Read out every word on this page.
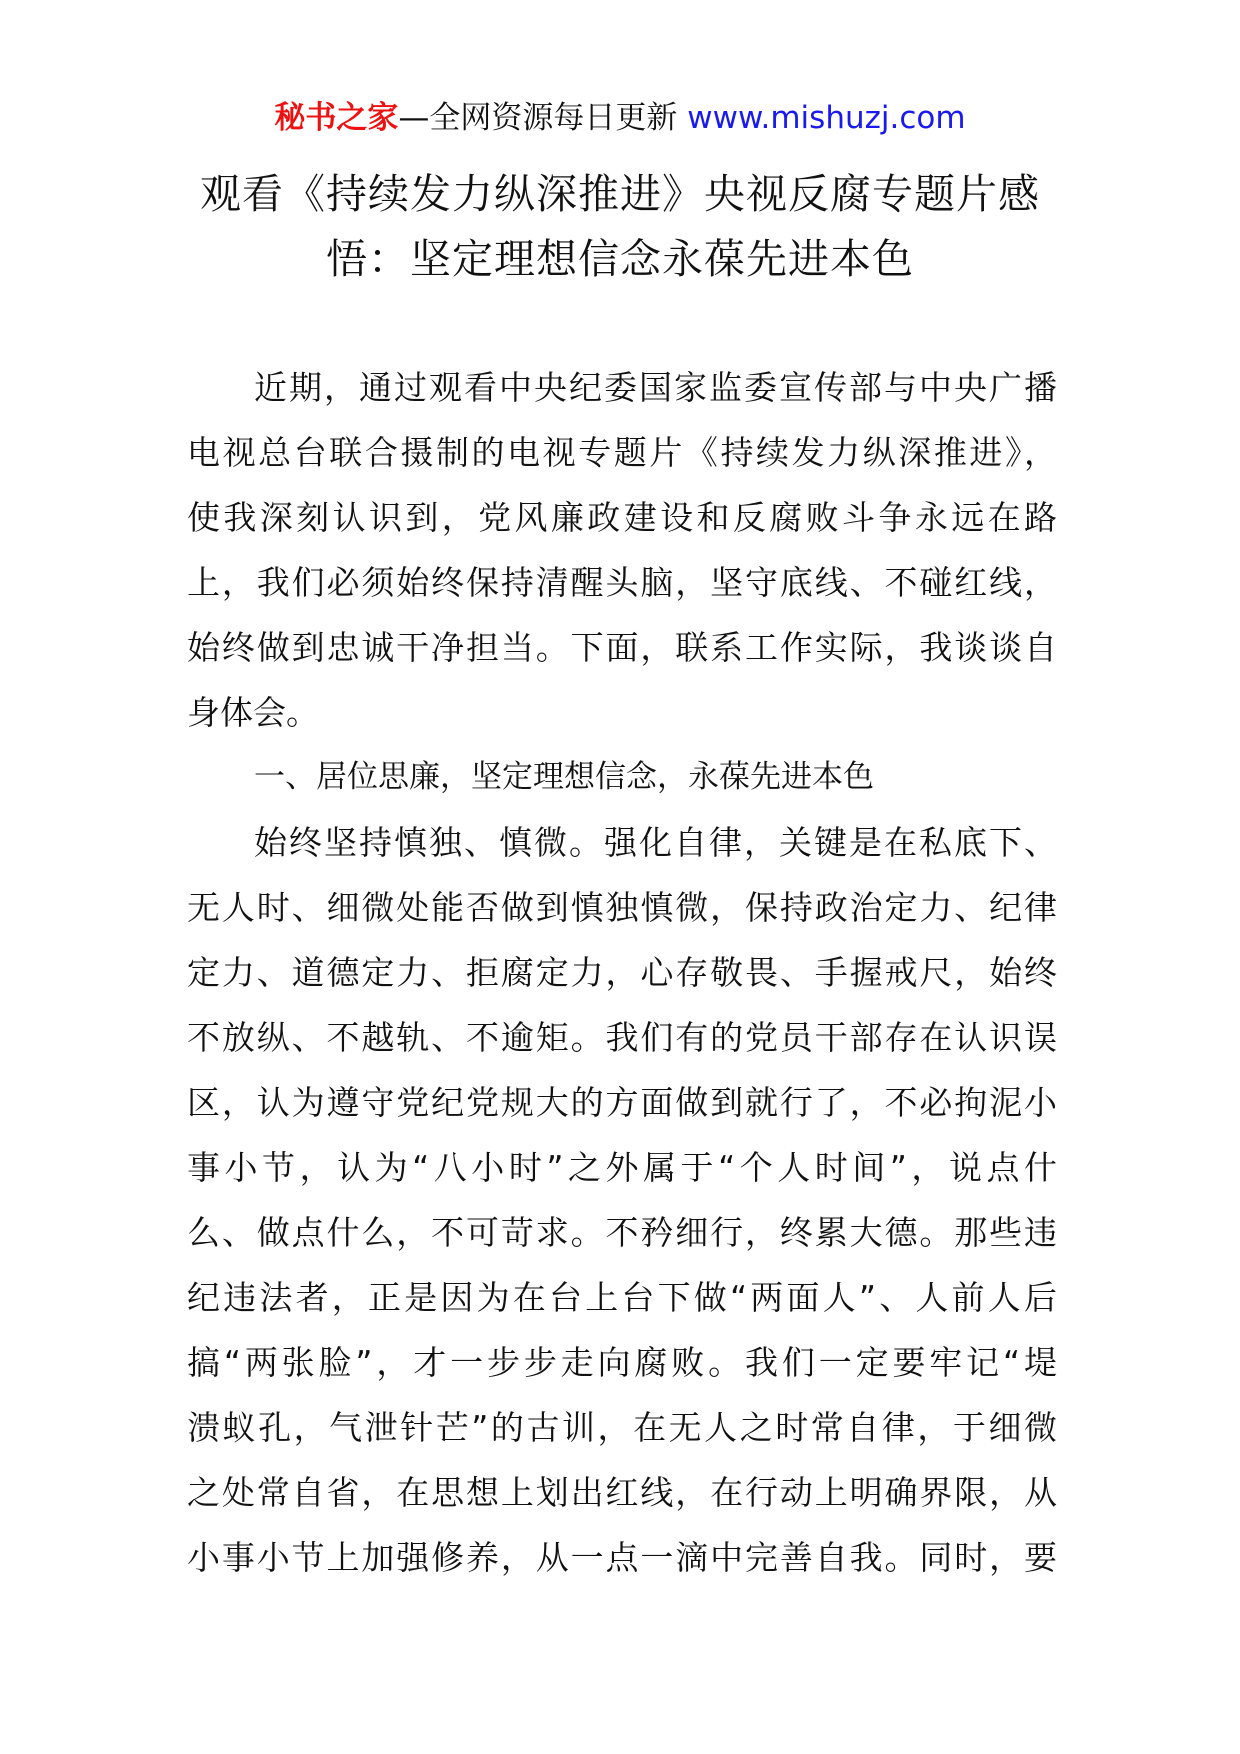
秘书之家—全网资源每日更新 www.mishuzj.com
观看《持续发力纵深推进》央视反腐专题片感
悟：坚定理想信念永葆先进本色
近期，通过观看中央纪委国家监委宣传部与中央广播
电视总台联合摄制的电视专题片《持续发力纵深推进》，
使我深刻认识到，党风廉政建设和反腐败斗争永远在路
上，我们必须始终保持清醒头脑，坚守底线、不碰红线，
始终做到忠诚干净担当。下面，联系工作实际，我谈谈自
身体会。
一、居位思廉，坚定理想信念，永葆先进本色
始终坚持慎独、慎微。强化自律，关键是在私底下、
无人时、细微处能否做到慎独慎微，保持政治定力、纪律
定力、道德定力、拒腐定力，心存敬畏、手握戒尺，始终
不放纵、不越轨、不逾矩。我们有的党员干部存在认识误
区，认为遵守党纪党规大的方面做到就行了，不必拘泥小
事小节，认为“八小时”之外属于“个人时间”，说点什
么、做点什么，不可苛求。不矜细行，终累大德。那些违
纪违法者，正是因为在台上台下做“两面人”、人前人后
搞“两张脸”，才一步步走向腐败。我们一定要牢记“堤
溃蚁孔，气泄针芒”的古训，在无人之时常自律，于细微
之处常自省，在思想上划出红线，在行动上明确界限，从
小事小节上加强修养，从一点一滴中完善自我。同时，要
